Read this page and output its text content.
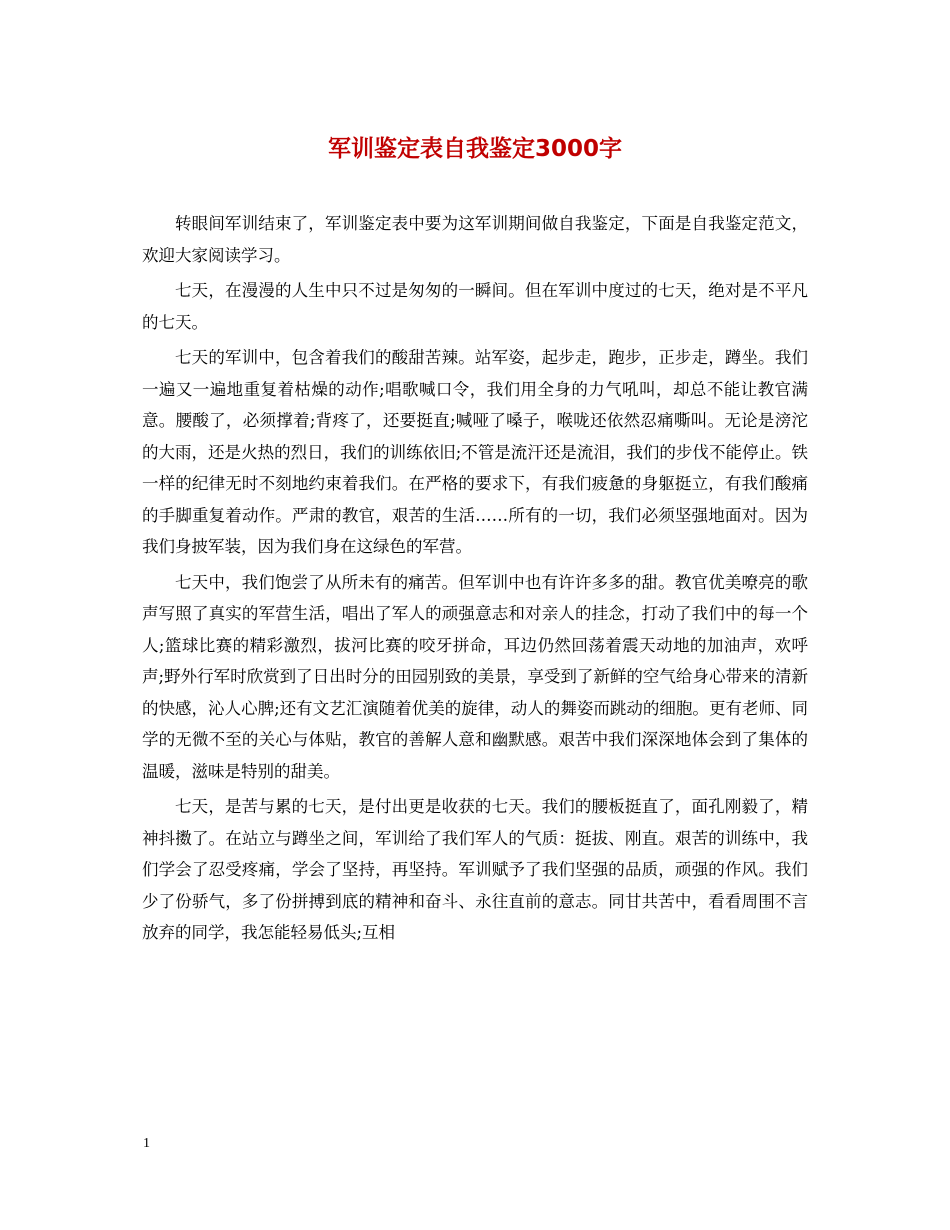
军训鉴定表自我鉴定3000字

转眼间军训结束了，军训鉴定表中要为这军训期间做自我鉴定，下面是自我鉴定范文，欢迎大家阅读学习。

七天，在漫漫的人生中只不过是匆匆的一瞬间。但在军训中度过的七天，绝对是不平凡的七天。

七天的军训中，包含着我们的酸甜苦辣。站军姿，起步走，跑步，正步走，蹲坐。我们一遍又一遍地重复着枯燥的动作;唱歌喊口令，我们用全身的力气吼叫，却总不能让教官满意。腰酸了，必须撑着;背疼了，还要挺直;喊哑了嗓子，喉咙还依然忍痛嘶叫。无论是滂沱的大雨，还是火热的烈日，我们的训练依旧;不管是流汗还是流泪，我们的步伐不能停止。铁一样的纪律无时不刻地约束着我们。在严格的要求下，有我们疲惫的身躯挺立，有我们酸痛的手脚重复着动作。严肃的教官，艰苦的生活……所有的一切，我们必须坚强地面对。因为我们身披军装，因为我们身在这绿色的军营。

七天中，我们饱尝了从所未有的痛苦。但军训中也有许许多多的甜。教官优美嘹亮的歌声写照了真实的军营生活，唱出了军人的顽强意志和对亲人的挂念，打动了我们中的每一个人;篮球比赛的精彩激烈，拔河比赛的咬牙拼命，耳边仍然回荡着震天动地的加油声，欢呼声;野外行军时欣赏到了日出时分的田园别致的美景，享受到了新鲜的空气给身心带来的清新的快感，沁人心脾;还有文艺汇演随着优美的旋律，动人的舞姿而跳动的细胞。更有老师、同学的无微不至的关心与体贴，教官的善解人意和幽默感。艰苦中我们深深地体会到了集体的温暖，滋味是特别的甜美。

七天，是苦与累的七天，是付出更是收获的七天。我们的腰板挺直了，面孔刚毅了，精神抖擞了。在站立与蹲坐之间，军训给了我们军人的气质：挺拔、刚直。艰苦的训练中，我们学会了忍受疼痛，学会了坚持，再坚持。军训赋予了我们坚强的品质，顽强的作风。我们少了份骄气，多了份拼搏到底的精神和奋斗、永往直前的意志。同甘共苦中，看看周围不言放弃的同学，我怎能轻易低头;互相

1
